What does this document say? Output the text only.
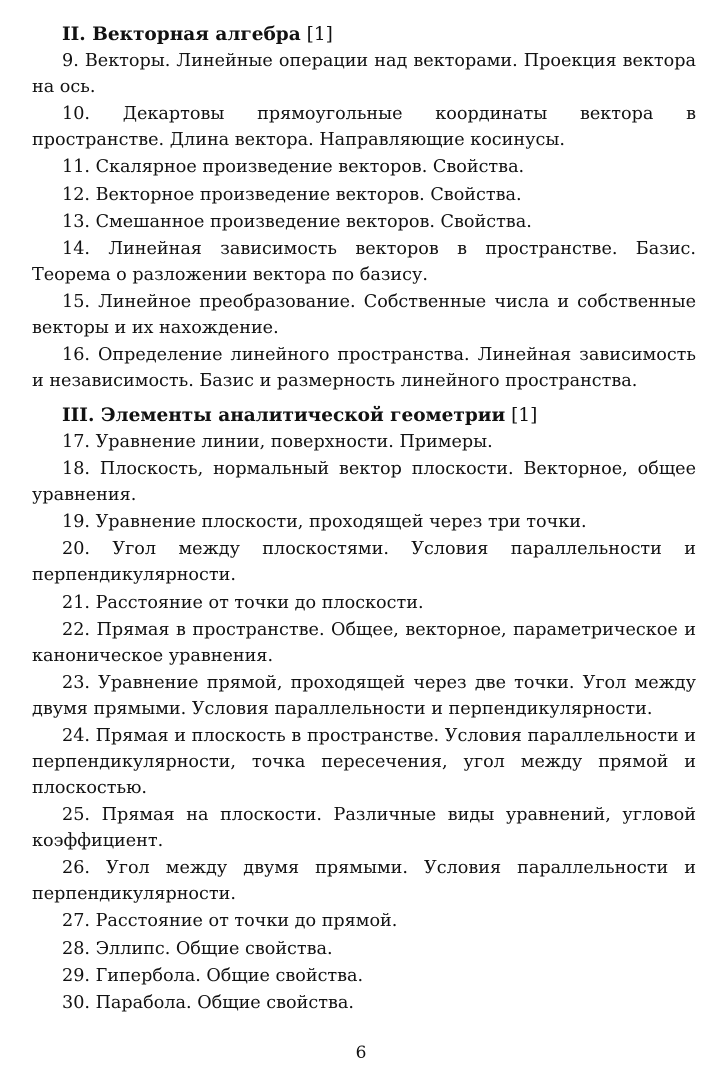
II. Векторная алгебра [1]

9. Векторы. Линейные операции над векторами. Проекция вектора на ось.

10. Декартовы прямоугольные координаты вектора в пространстве. Длина вектора. Направляющие косинусы.

11. Скалярное произведение векторов. Свойства.

12. Векторное произведение векторов. Свойства.

13. Смешанное произведение векторов. Свойства.

14. Линейная зависимость векторов в пространстве. Базис. Теорема о разложении вектора по базису.

15. Линейное преобразование. Собственные числа и собственные векторы и их нахождение.

16. Определение линейного пространства. Линейная зависимость и независимость. Базис и размерность линейного пространства.

III. Элементы аналитической геометрии [1]

17. Уравнение линии, поверхности. Примеры.

18. Плоскость, нормальный вектор плоскости. Векторное, общее уравнения.

19. Уравнение плоскости, проходящей через три точки.

20. Угол между плоскостями. Условия параллельности и перпендикулярности.

21. Расстояние от точки до плоскости.

22. Прямая в пространстве. Общее, векторное, параметрическое и каноническое уравнения.

23. Уравнение прямой, проходящей через две точки. Угол между двумя прямыми. Условия параллельности и перпендикулярности.

24. Прямая и плоскость в пространстве. Условия параллельности и перпендикулярности, точка пересечения, угол между прямой и плоскостью.

25. Прямая на плоскости. Различные виды уравнений, угловой коэффициент.

26. Угол между двумя прямыми. Условия параллельности и перпендикулярности.

27. Расстояние от точки до прямой.

28. Эллипс. Общие свойства.

29. Гипербола. Общие свойства.

30. Парабола. Общие свойства.

6
